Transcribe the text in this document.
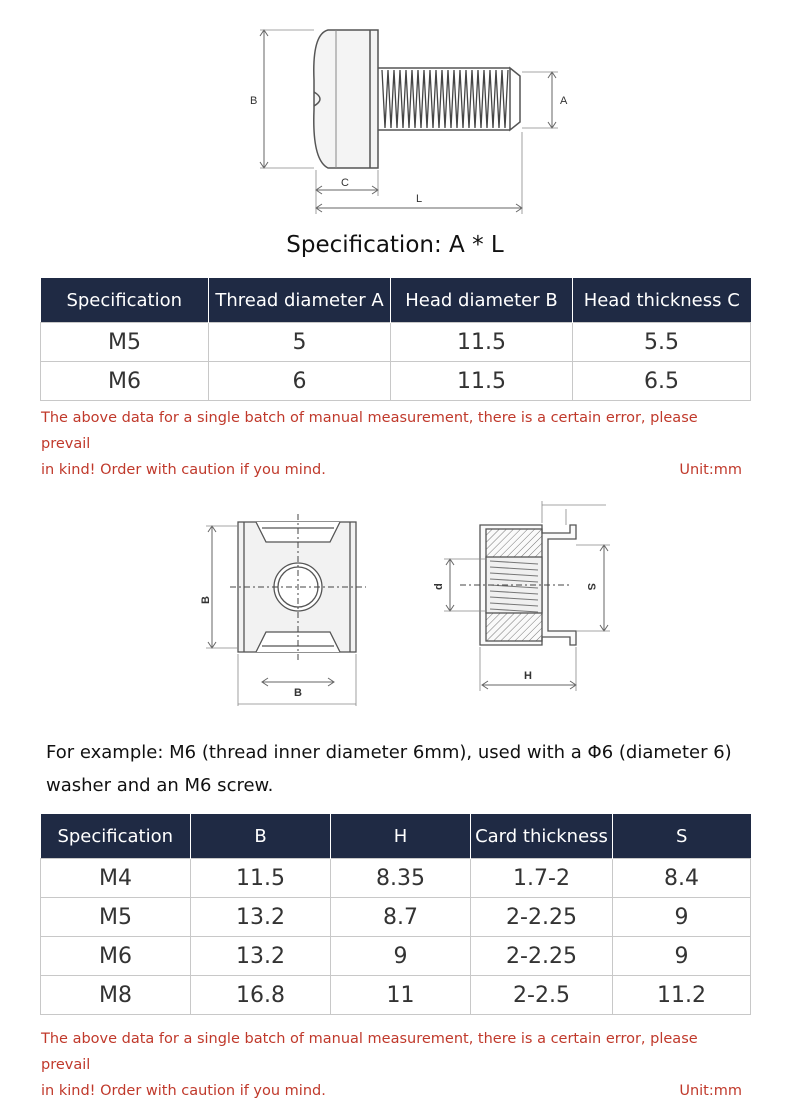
B	A
C
L
Specification: A * L
Specification	Thread diameter A	Head diameter B	Head thickness C
M5	5	11.5	5.5
M6	6	11.5	6.5
The above data for a single batch of manual measurement, there is a certain error, please prevail
in kind! Order with caution if you mind.	Unit:mm
B
B
d	S
H
For example: M6 (thread inner diameter 6mm), used with a Φ6 (diameter 6)
washer and an M6 screw.
Specification	B	H	Card thickness	S
M4	11.5	8.35	1.7-2	8.4
M5	13.2	8.7	2-2.25	9
M6	13.2	9	2-2.25	9
M8	16.8	11	2-2.5	11.2
The above data for a single batch of manual measurement, there is a certain error, please prevail
in kind! Order with caution if you mind.	Unit:mm
